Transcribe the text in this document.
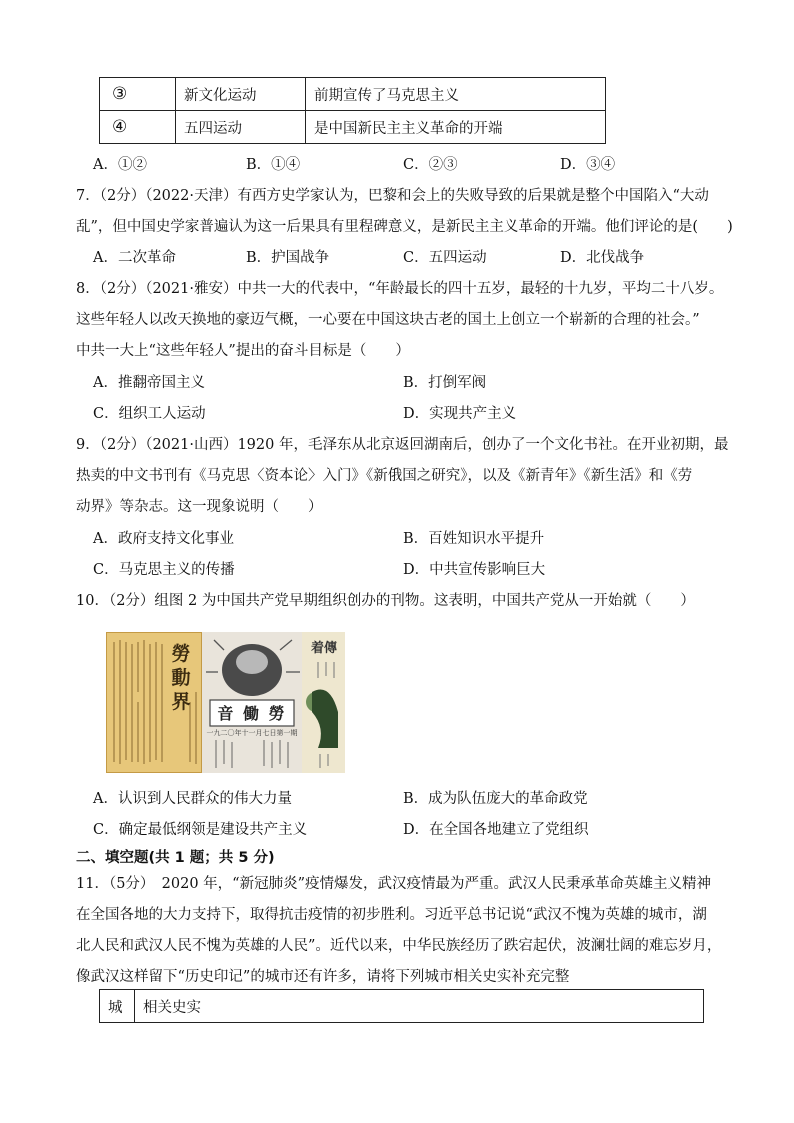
③	新文化运动	前期宣传了马克思主义
④	五四运动	是中国新民主主义革命的开端
A．①②	B．①④	C．②③	D．③④
7．（2分）（2022·天津）有西方史学家认为，巴黎和会上的失败导致的后果就是整个中国陷入“大动
乱”，但中国史学家普遍认为这一后果具有里程碑意义，是新民主主义革命的开端。他们评论的是(　　)
A．二次革命	B．护国战争	C．五四运动	D．北伐战争
8．（2分）（2021·雅安）中共一大的代表中，“年龄最长的四十五岁，最轻的十九岁，平均二十八岁。
这些年轻人以改天换地的豪迈气概，一心要在中国这块古老的国土上创立一个崭新的合理的社会。”
中共一大上“这些年轻人”提出的奋斗目标是（　　）
A．推翻帝国主义	B．打倒军阀
C．组织工人运动	D．实现共产主义
9．（2分）（2021·山西）1920 年，毛泽东从北京返回湖南后，创办了一个文化书社。在开业初期，最
热卖的中文书刊有《马克思〈资本论〉入门》《新俄国之研究》，以及《新青年》《新生活》和《劳
动界》等杂志。这一现象说明（　　）
A．政府支持文化事业	B．百姓知识水平提升
C．马克思主义的传播	D．中共宣传影响巨大
10．（2分）组图 2 为中国共产党早期组织创办的刊物。这表明，中国共产党从一开始就（　　）
勞
動
界
音 働 勞
一九二〇年十一月七日第一期
着傳
A．认识到人民群众的伟大力量	B．成为队伍庞大的革命政党
C．确定最低纲领是建设共产主义	D．在全国各地建立了党组织
二、填空题(共 1 题；共 5 分)
11．（5分）　2020 年，“新冠肺炎”疫情爆发，武汉疫情最为严重。武汉人民秉承革命英雄主义精神
在全国各地的大力支持下，取得抗击疫情的初步胜利。习近平总书记说“武汉不愧为英雄的城市，湖
北人民和武汉人民不愧为英雄的人民”。近代以来，中华民族经历了跌宕起伏，波澜壮阔的难忘岁月，
像武汉这样留下“历史印记”的城市还有许多，请将下列城市相关史实补充完整
城	相关史实
